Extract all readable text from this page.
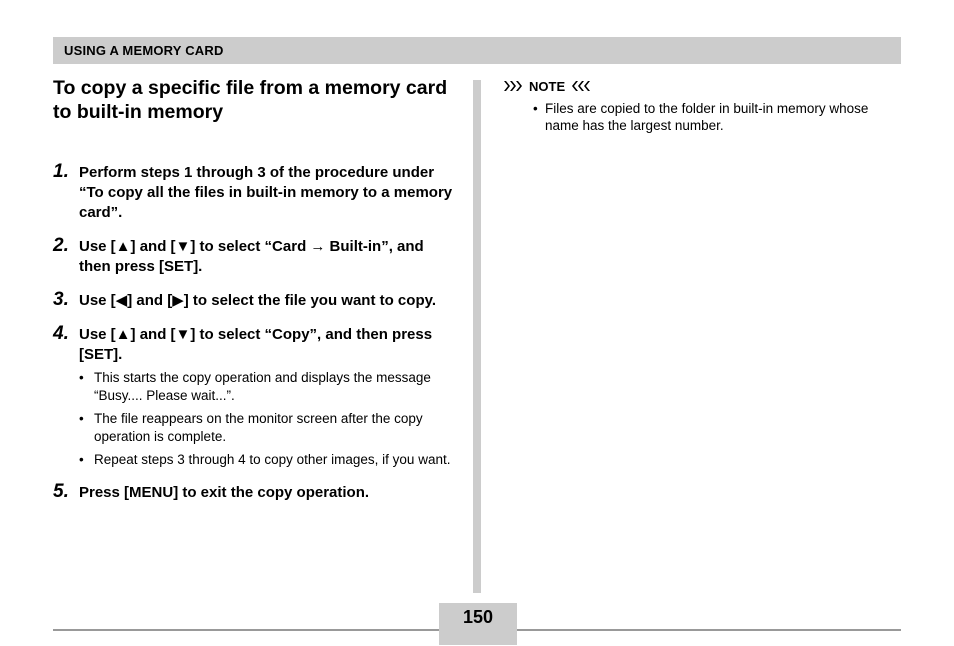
USING A MEMORY CARD
To copy a specific file from a memory card to built-in memory
1. Perform steps 1 through 3 of the procedure under “To copy all the files in built-in memory to a memory card”.
2. Use [▲] and [▼] to select “Card → Built-in”, and then press [SET].
3. Use [◀] and [▶] to select the file you want to copy.
4. Use [▲] and [▼] to select “Copy”, and then press [SET].
• This starts the copy operation and displays the message “Busy.... Please wait...”.
• The file reappears on the monitor screen after the copy operation is complete.
• Repeat steps 3 through 4 to copy other images, if you want.
5. Press [MENU] to exit the copy operation.
NOTE
• Files are copied to the folder in built-in memory whose name has the largest number.
150
